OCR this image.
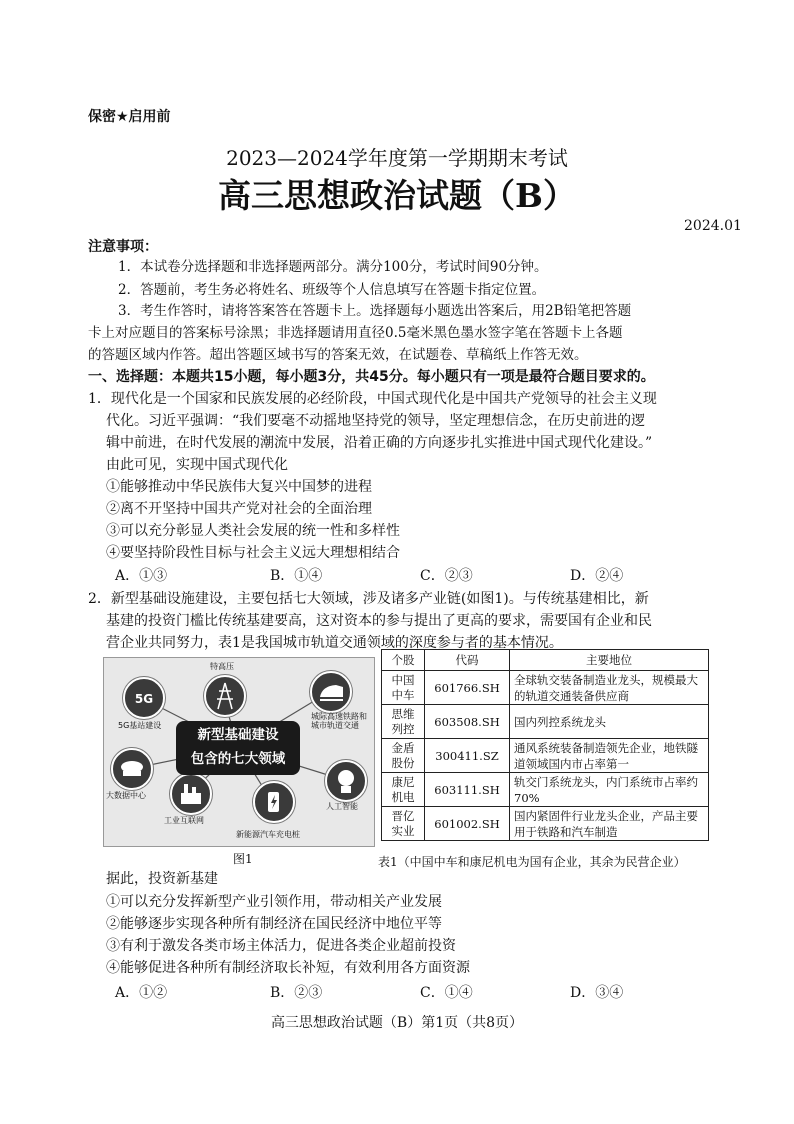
保密★启用前
2023—2024学年度第一学期期末考试
高三思想政治试题（B）
2024.01
注意事项：
1．本试卷分选择题和非选择题两部分。满分100分，考试时间90分钟。
2．答题前，考生务必将姓名、班级等个人信息填写在答题卡指定位置。
3．考生作答时，请将答案答在答题卡上。选择题每小题选出答案后，用2B铅笔把答题
卡上对应题目的答案标号涂黑；非选择题请用直径0.5毫米黑色墨水签字笔在答题卡上各题
的答题区域内作答。超出答题区域书写的答案无效，在试题卷、草稿纸上作答无效。
一、选择题：本题共15小题，每小题3分，共45分。每小题只有一项是最符合题目要求的。
1．现代化是一个国家和民族发展的必经阶段，中国式现代化是中国共产党领导的社会主义现
代化。习近平强调：“我们要毫不动摇地坚持党的领导，坚定理想信念，在历史前进的逻
辑中前进，在时代发展的潮流中发展，沿着正确的方向逐步扎实推进中国式现代化建设。”
由此可见，实现中国式现代化
①能够推动中华民族伟大复兴中国梦的进程
②离不开坚持中国共产党对社会的全面治理
③可以充分彰显人类社会发展的统一性和多样性
④要坚持阶段性目标与社会主义远大理想相结合
A．①③	B．①④	C．②③	D．②④
2．新型基础设施建设，主要包括七大领域，涉及诸多产业链(如图1)。与传统基建相比，新
基建的投资门槛比传统基建要高，这对资本的参与提出了更高的要求，需要国有企业和民
营企业共同努力，表1是我国城市轨道交通领域的深度参与者的基本情况。
5G
新型基础建设
包含的七大领域
特高压
城际高速铁路和城市轨道交通
人工智能
新能源汽车充电桩
工业互联网
大数据中心
5G基站建设
个股	代码	主要地位
中国中车	601766.SH	全球轨交装备制造业龙头，规模最大的轨道交通装备供应商
思维列控	603508.SH	国内列控系统龙头
金盾股份	300411.SZ	通风系统装备制造领先企业，地铁隧道领域国内市占率第一
康尼机电	603111.SH	轨交门系统龙头，内门系统市占率约70%
晋亿实业	601002.SH	国内紧固件行业龙头企业，产品主要用于铁路和汽车制造
图1	表1（中国中车和康尼机电为国有企业，其余为民营企业）
据此，投资新基建
①可以充分发挥新型产业引领作用，带动相关产业发展
②能够逐步实现各种所有制经济在国民经济中地位平等
③有利于激发各类市场主体活力，促进各类企业超前投资
④能够促进各种所有制经济取长补短，有效利用各方面资源
A．①②	B．②③	C．①④	D．③④
高三思想政治试题（B）第1页（共8页）
